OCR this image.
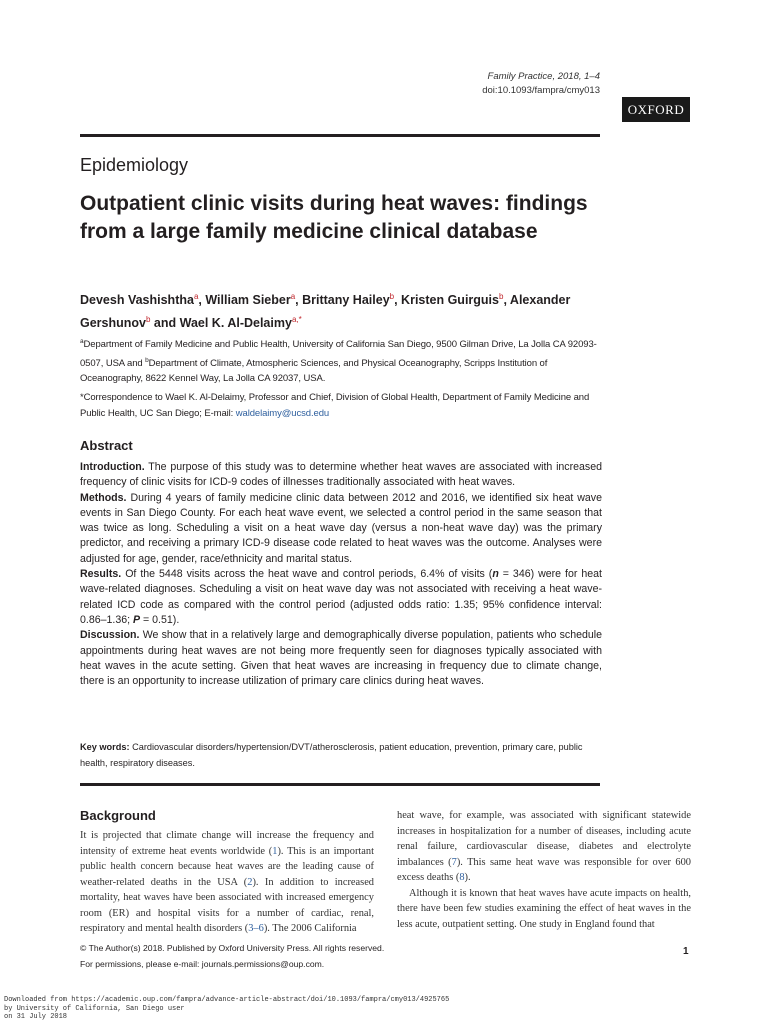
Family Practice, 2018, 1–4
doi:10.1093/fampra/cmy013
OXFORD
Epidemiology
Outpatient clinic visits during heat waves: findings from a large family medicine clinical database
Devesh Vashishtha$^a$, William Sieber$^a$, Brittany Hailey$^b$, Kristen Guirguis$^b$, Alexander Gershunov$^b$ and Wael K. Al-Delaimy$^{a,*}$
$^a$Department of Family Medicine and Public Health, University of California San Diego, 9500 Gilman Drive, La Jolla CA 92093-0507, USA and $^b$Department of Climate, Atmospheric Sciences, and Physical Oceanography, Scripps Institution of Oceanography, 8622 Kennel Way, La Jolla CA 92037, USA.
*Correspondence to Wael K. Al-Delaimy, Professor and Chief, Division of Global Health, Department of Family Medicine and Public Health, UC San Diego; E-mail: waldelaimy@ucsd.edu
Abstract

Introduction. The purpose of this study was to determine whether heat waves are associated with increased frequency of clinic visits for ICD-9 codes of illnesses traditionally associated with heat waves.

Methods. During 4 years of family medicine clinic data between 2012 and 2016, we identified six heat wave events in San Diego County. For each heat wave event, we selected a control period in the same season that was twice as long. Scheduling a visit on a heat wave day (versus a non-heat wave day) was the primary predictor, and receiving a primary ICD-9 disease code related to heat waves was the outcome. Analyses were adjusted for age, gender, race/ethnicity and marital status.

Results. Of the 5448 visits across the heat wave and control periods, 6.4% of visits (n = 346) were for heat wave-related diagnoses. Scheduling a visit on heat wave day was not associated with receiving a heat wave-related ICD code as compared with the control period (adjusted odds ratio: 1.35; 95% confidence interval: 0.86–1.36; P = 0.51).

Discussion. We show that in a relatively large and demographically diverse population, patients who schedule appointments during heat waves are not being more frequently seen for diagnoses typically associated with heat waves in the acute setting. Given that heat waves are increasing in frequency due to climate change, there is an opportunity to increase utilization of primary care clinics during heat waves.

Key words: Cardiovascular disorders/hypertension/DVT/atherosclerosis, patient education, prevention, primary care, public health, respiratory diseases.
Background

It is projected that climate change will increase the frequency and intensity of extreme heat events worldwide (1). This is an important public health concern because heat waves are the leading cause of weather-related deaths in the USA (2). In addition to increased mortality, heat waves have been associated with increased emergency room (ER) and hospital visits for a number of cardiac, renal, respiratory and mental health disorders (3–6). The 2006 California

heat wave, for example, was associated with significant statewide increases in hospitalization for a number of diseases, including acute renal failure, cardiovascular disease, diabetes and electrolyte imbalances (7). This same heat wave was responsible for over 600 excess deaths (8).

Although it is known that heat waves have acute impacts on health, there have been few studies examining the effect of heat waves in the less acute, outpatient setting. One study in England found that

© The Author(s) 2018. Published by Oxford University Press. All rights reserved.
For permissions, please e-mail: journals.permissions@oup.com.
1
Downloaded from https://academic.oup.com/fampra/advance-article-abstract/doi/10.1093/fampra/cmy013/4925765
by University of California, San Diego user
on 31 July 2018
